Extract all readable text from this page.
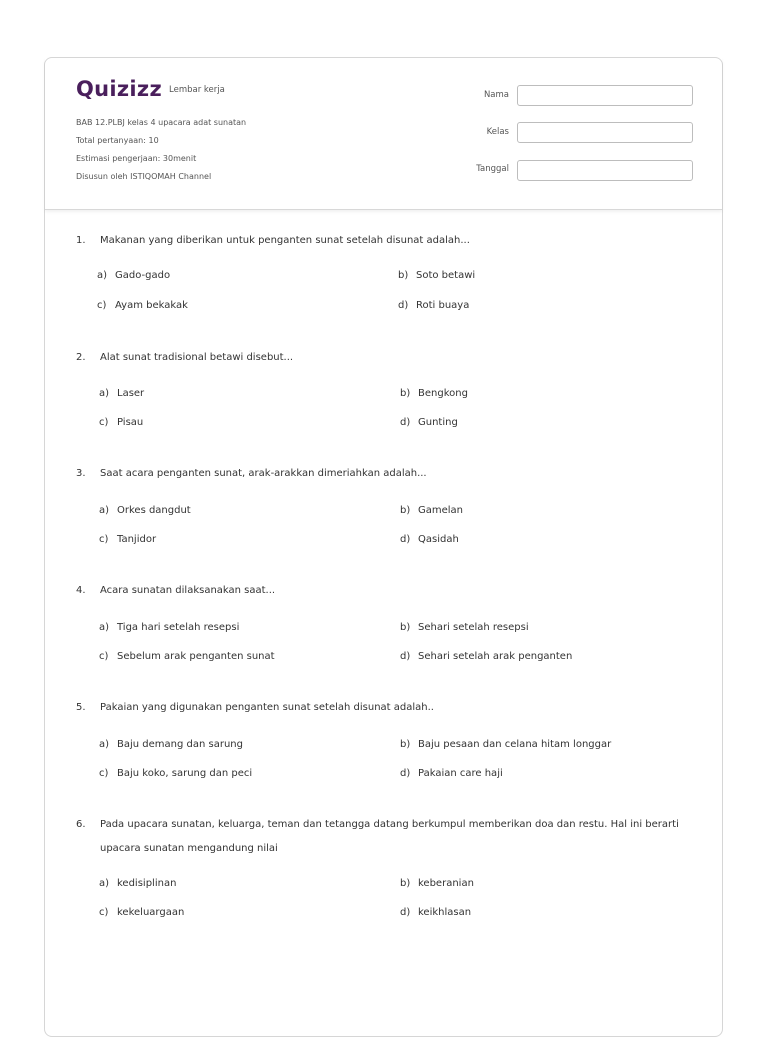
Quizizz Lembar kerja
BAB 12.PLBJ kelas 4 upacara adat sunatan
Total pertanyaan: 10
Estimasi pengerjaan: 30menit
Disusun oleh ISTIQOMAH Channel
Nama
Kelas
Tanggal
1.	Makanan yang diberikan untuk penganten sunat setelah disunat adalah...
a) Gado-gado	b) Soto betawi
c) Ayam bekakak	d) Roti buaya
2.	Alat sunat tradisional betawi disebut...
a) Laser	b) Bengkong
c) Pisau	d) Gunting
3.	Saat acara penganten sunat, arak-arakkan dimeriahkan adalah...
a) Orkes dangdut	b) Gamelan
c) Tanjidor	d) Qasidah
4.	Acara sunatan dilaksanakan saat...
a) Tiga hari setelah resepsi	b) Sehari setelah resepsi
c) Sebelum arak penganten sunat	d) Sehari setelah arak penganten
5.	Pakaian yang digunakan penganten sunat setelah disunat adalah..
a) Baju demang dan sarung	b) Baju pesaan dan celana hitam longgar
c) Baju koko, sarung dan peci	d) Pakaian care haji
6.	Pada upacara sunatan, keluarga, teman dan tetangga datang berkumpul memberikan doa dan restu. Hal ini berarti upacara sunatan mengandung nilai
a) kedisiplinan	b) keberanian
c) kekeluargaan	d) keikhlasan
